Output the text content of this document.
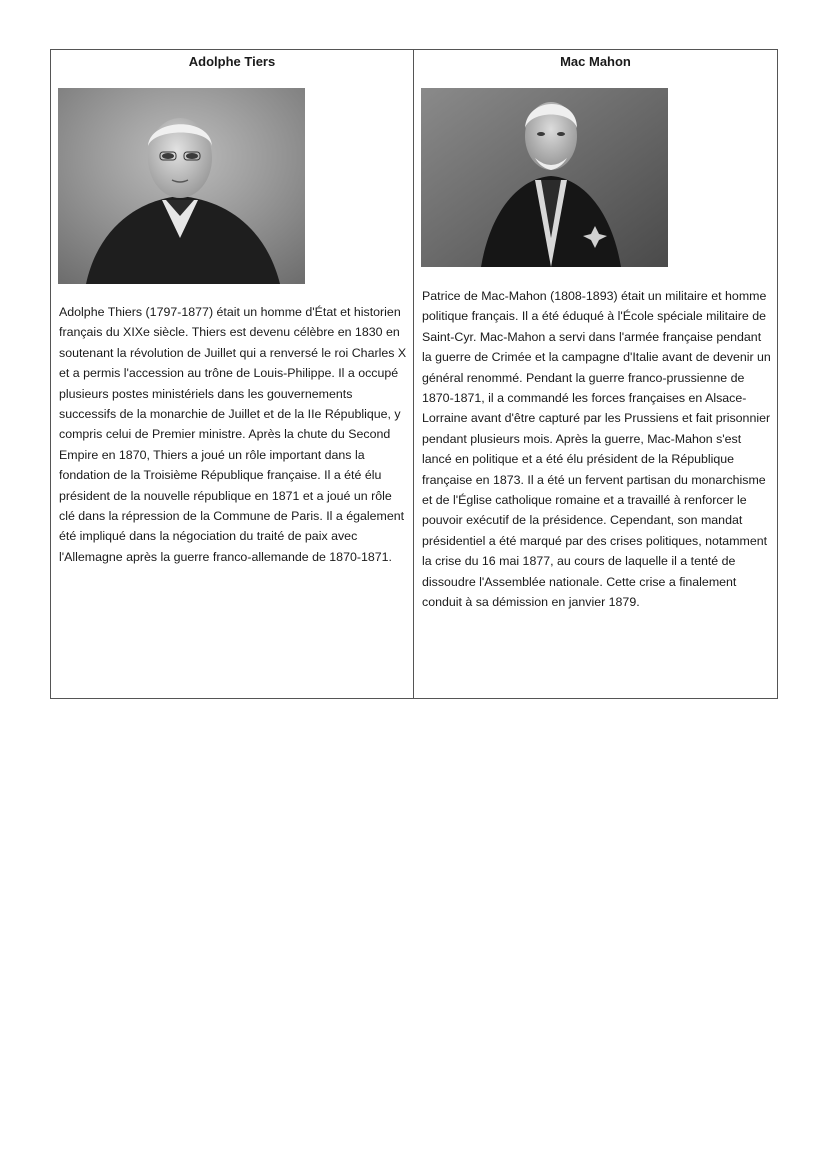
Adolphe Tiers

Adolphe Thiers (1797-1877) était un homme d'État et historien français du XIXe siècle. Thiers est devenu célèbre en 1830 en soutenant la révolution de Juillet qui a renversé le roi Charles X et a permis l'accession au trône de Louis-Philippe. Il a occupé plusieurs postes ministériels dans les gouvernements successifs de la monarchie de Juillet et de la IIe République, y compris celui de Premier ministre. Après la chute du Second Empire en 1870, Thiers a joué un rôle important dans la fondation de la Troisième République française. Il a été élu président de la nouvelle république en 1871 et a joué un rôle clé dans la répression de la Commune de Paris. Il a également été impliqué dans la négociation du traité de paix avec l'Allemagne après la guerre franco-allemande de 1870-1871.

Mac Mahon

Patrice de Mac-Mahon (1808-1893) était un militaire et homme politique français. Il a été éduqué à l'École spéciale militaire de Saint-Cyr. Mac-Mahon a servi dans l'armée française pendant la guerre de Crimée et la campagne d'Italie avant de devenir un général renommé. Pendant la guerre franco-prussienne de 1870-1871, il a commandé les forces françaises en Alsace-Lorraine avant d'être capturé par les Prussiens et fait prisonnier pendant plusieurs mois. Après la guerre, Mac-Mahon s'est lancé en politique et a été élu président de la République française en 1873. Il a été un fervent partisan du monarchisme et de l'Église catholique romaine et a travaillé à renforcer le pouvoir exécutif de la présidence. Cependant, son mandat présidentiel a été marqué par des crises politiques, notamment la crise du 16 mai 1877, au cours de laquelle il a tenté de dissoudre l'Assemblée nationale. Cette crise a finalement conduit à sa démission en janvier 1879.
